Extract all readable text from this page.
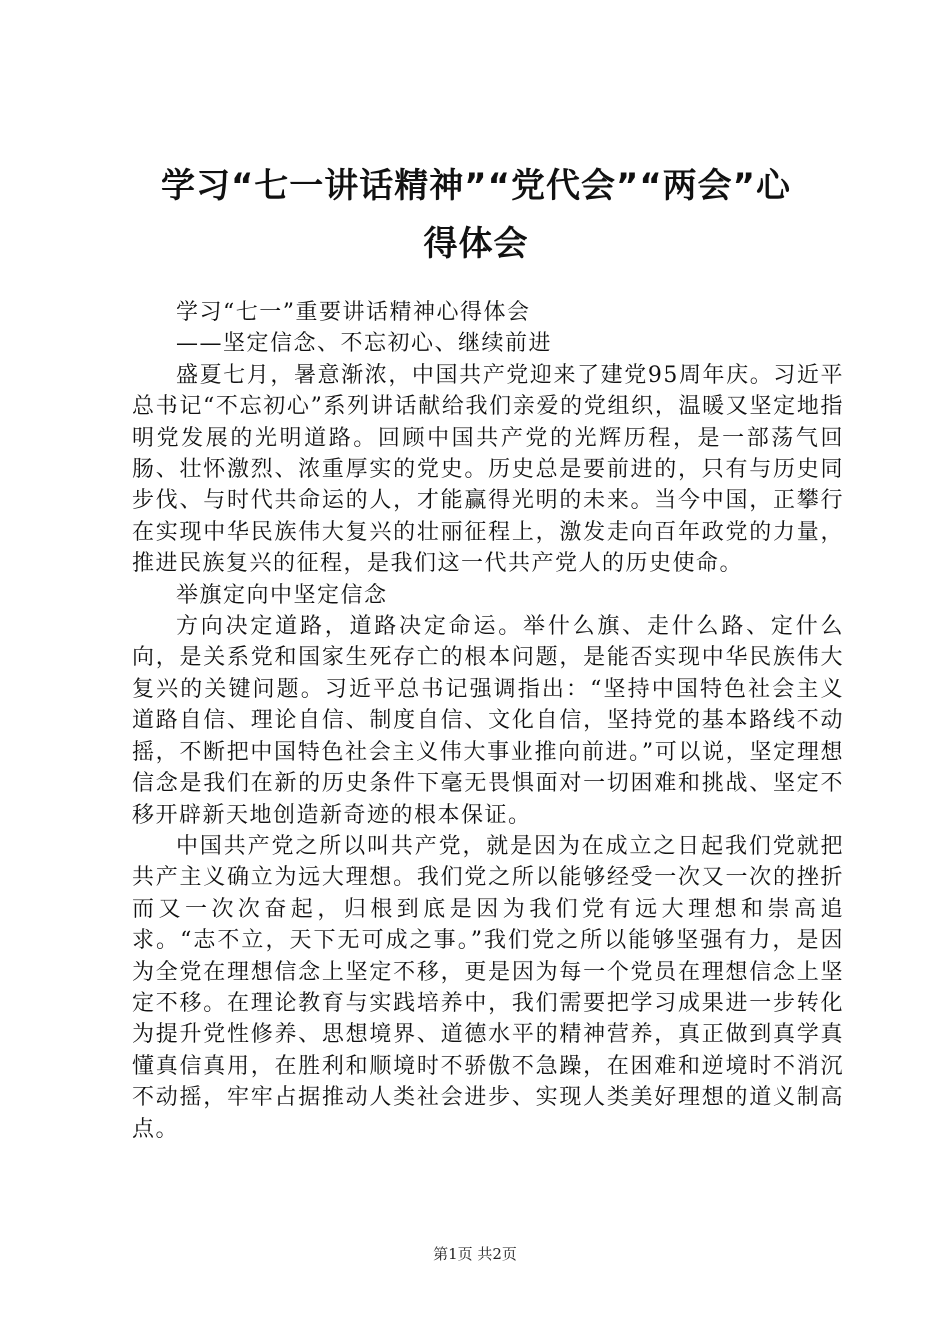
学习“七一讲话精神”“党代会”“两会”心
得体会

学习“七一”重要讲话精神心得体会

——坚定信念、不忘初心、继续前进

盛夏七月，暑意渐浓，中国共产党迎来了建党95周年庆。习近平总书记“不忘初心”系列讲话献给我们亲爱的党组织，温暖又坚定地指明党发展的光明道路。回顾中国共产党的光辉历程，是一部荡气回肠、壮怀激烈、浓重厚实的党史。历史总是要前进的，只有与历史同步伐、与时代共命运的人，才能赢得光明的未来。当今中国，正攀行在实现中华民族伟大复兴的壮丽征程上，激发走向百年政党的力量，推进民族复兴的征程，是我们这一代共产党人的历史使命。

举旗定向中坚定信念

方向决定道路，道路决定命运。举什么旗、走什么路、定什么向，是关系党和国家生死存亡的根本问题，是能否实现中华民族伟大复兴的关键问题。习近平总书记强调指出：“坚持中国特色社会主义道路自信、理论自信、制度自信、文化自信，坚持党的基本路线不动摇，不断把中国特色社会主义伟大事业推向前进。”可以说，坚定理想信念是我们在新的历史条件下毫无畏惧面对一切困难和挑战、坚定不移开辟新天地创造新奇迹的根本保证。

中国共产党之所以叫共产党，就是因为在成立之日起我们党就把共产主义确立为远大理想。我们党之所以能够经受一次又一次的挫折而又一次次奋起，归根到底是因为我们党有远大理想和崇高追求。“志不立，天下无可成之事。”我们党之所以能够坚强有力，是因为全党在理想信念上坚定不移，更是因为每一个党员在理想信念上坚定不移。在理论教育与实践培养中，我们需要把学习成果进一步转化为提升党性修养、思想境界、道德水平的精神营养，真正做到真学真懂真信真用，在胜利和顺境时不骄傲不急躁，在困难和逆境时不消沉不动摇，牢牢占据推动人类社会进步、实现人类美好理想的道义制高点。

第1页 共2页
